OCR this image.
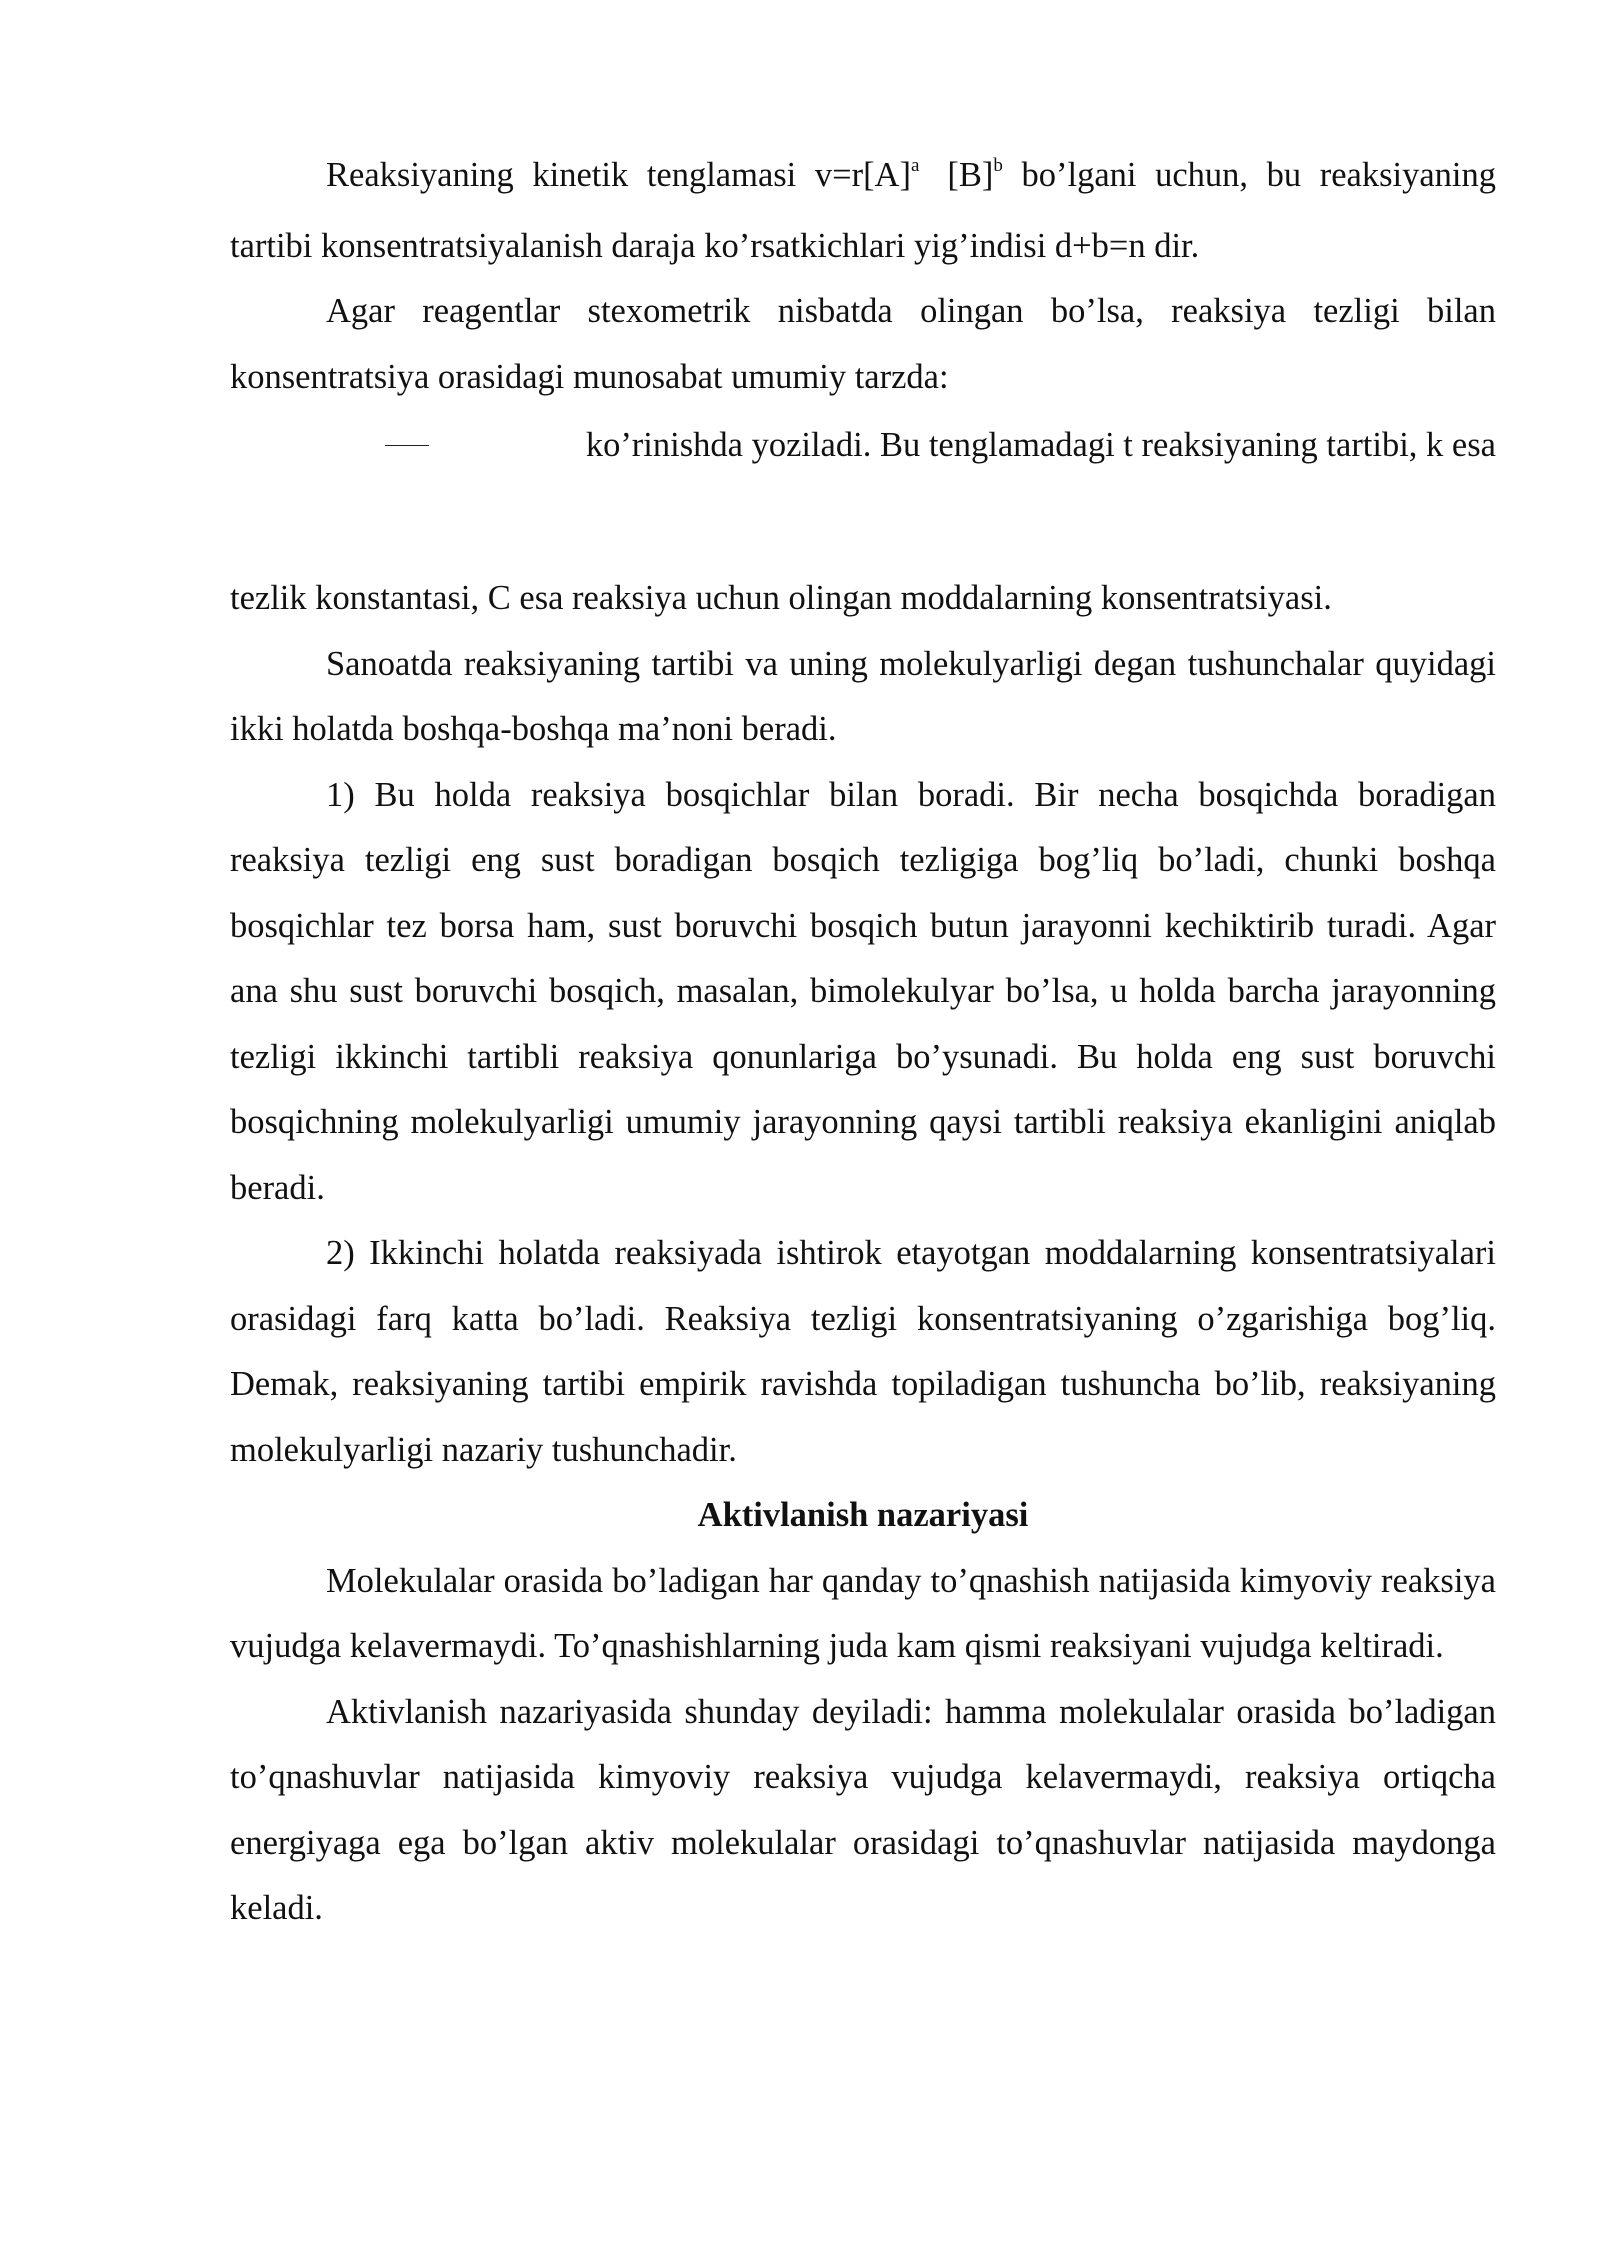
Reaksiyaning kinetik tenglamasi $v=r[A]^a$ $[B]^b$ bo’lgani uchun, bu reaksiyaning tartibi konsentratsiyalanish daraja ko’rsatkichlari yig’indisi d+b=n dir.

Agar reagentlar stexometrik nisbatda olingan bo’lsa, reaksiya tezligi bilan konsentratsiya orasidagi munosabat umumiy tarzda:

ko’rinishda yoziladi. Bu tenglamadagi t reaksiyaning tartibi, k esa

tezlik konstantasi, C esa reaksiya uchun olingan moddalarning konsentratsiyasi.

Sanoatda reaksiyaning tartibi va uning molekulyarligi degan tushunchalar quyidagi ikki holatda boshqa-boshqa ma’noni beradi.

1) Bu holda reaksiya bosqichlar bilan boradi. Bir necha bosqichda boradigan reaksiya tezligi eng sust boradigan bosqich tezligiga bog’liq bo’ladi, chunki boshqa bosqichlar tez borsa ham, sust boruvchi bosqich butun jarayonni kechiktirib turadi. Agar ana shu sust boruvchi bosqich, masalan, bimolekulyar bo’lsa, u holda barcha jarayonning tezligi ikkinchi tartibli reaksiya qonunlariga bo’ysunadi. Bu holda eng sust boruvchi bosqichning molekulyarligi umumiy jarayonning qaysi tartibli reaksiya ekanligini aniqlab beradi.

2) Ikkinchi holatda reaksiyada ishtirok etayotgan moddalarning konsentratsiyalari orasidagi farq katta bo’ladi. Reaksiya tezligi konsentratsiyaning o’zgarishiga bog’liq. Demak, reaksiyaning tartibi empirik ravishda topiladigan tushuncha bo’lib, reaksiyaning molekulyarligi nazariy tushunchadir.

Aktivlanish nazariyasi

Molekulalar orasida bo’ladigan har qanday to’qnashish natijasida kimyoviy reaksiya vujudga kelavermaydi. To’qnashishlarning juda kam qismi reaksiyani vujudga keltiradi.

Aktivlanish nazariyasida shunday deyiladi: hamma molekulalar orasida bo’ladigan to’qnashuvlar natijasida kimyoviy reaksiya vujudga kelavermaydi, reaksiya ortiqcha energiyaga ega bo’lgan aktiv molekulalar orasidagi to’qnashuvlar natijasida maydonga keladi.
